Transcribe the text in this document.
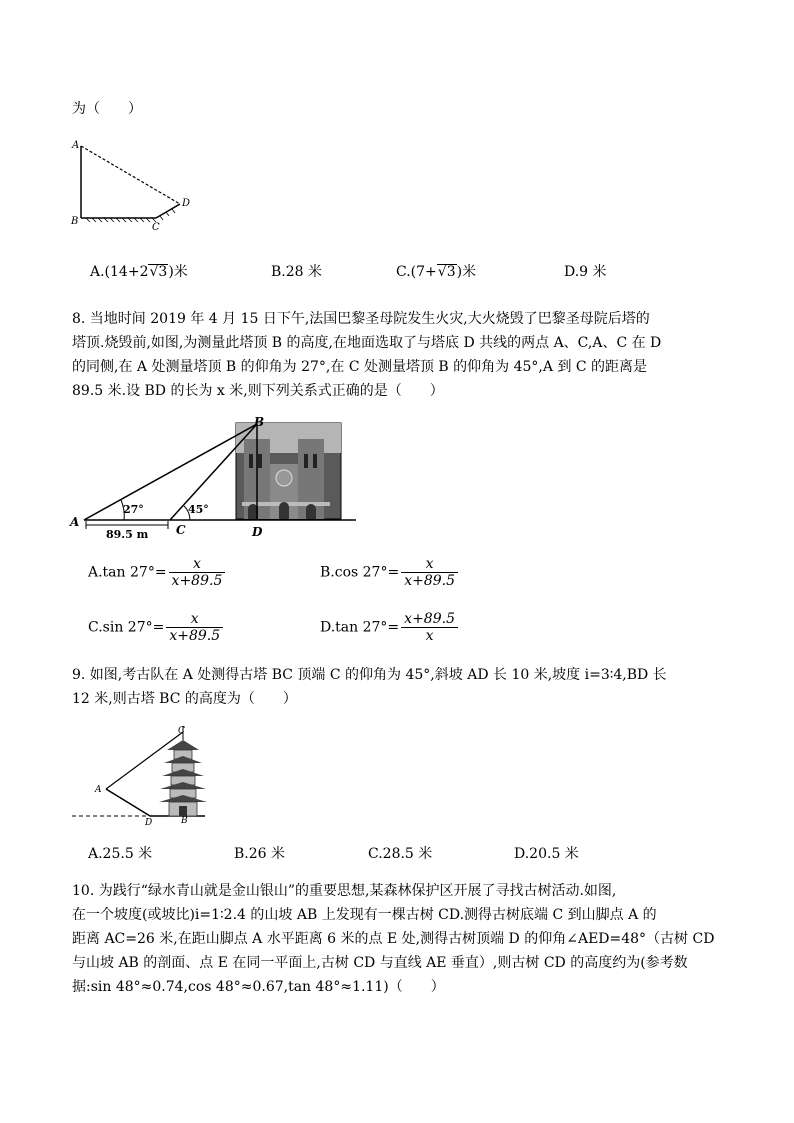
为（　　）
A
B
C
D
A.(14+2√3)米	B.28 米	C.(7+√3)米	D.9 米
8. 当地时间 2019 年 4 月 15 日下午,法国巴黎圣母院发生火灾,大火烧毁了巴黎圣母院后塔的
塔顶.烧毁前,如图,为测量此塔顶 B 的高度,在地面选取了与塔底 D 共线的两点 A、C,A、C 在 D
的同侧,在 A 处测量塔顶 B 的仰角为 27°,在 C 处测量塔顶 B 的仰角为 45°,A 到 C 的距离是
89.5 米.设 BD 的长为 x 米,则下列关系式正确的是（　　）
A
B
C	D
27°	45°
89.5 m
A.tan $27^\circ= \frac{x}{x+89.5}$	B.cos $27^\circ= \frac{x}{x+89.5}$
C.sin $27^\circ= \frac{x}{x+89.5}$	D.tan $27^\circ= \frac{x+89.5}{x}$
9. 如图,考古队在 A 处测得古塔 BC 顶端 C 的仰角为 45°,斜坡 AD 长 10 米,坡度 i=3∶4,BD 长
12 米,则古塔 BC 的高度为（　　）
A
B
C
D
A.25.5 米	B.26 米	C.28.5 米	D.20.5 米
10. 为践行“绿水青山就是金山银山”的重要思想,某森林保护区开展了寻找古树活动.如图,
在一个坡度(或坡比)i=1∶2.4 的山坡 AB 上发现有一棵古树 CD.测得古树底端 C 到山脚点 A 的
距离 AC=26 米,在距山脚点 A 水平距离 6 米的点 E 处,测得古树顶端 D 的仰角∠AED=48°（古树 CD
与山坡 AB 的剖面、点 E 在同一平面上,古树 CD 与直线 AE 垂直）,则古树 CD 的高度约为(参考数
据:sin 48°≈0.74,cos 48°≈0.67,tan 48°≈1.11)（　　）
